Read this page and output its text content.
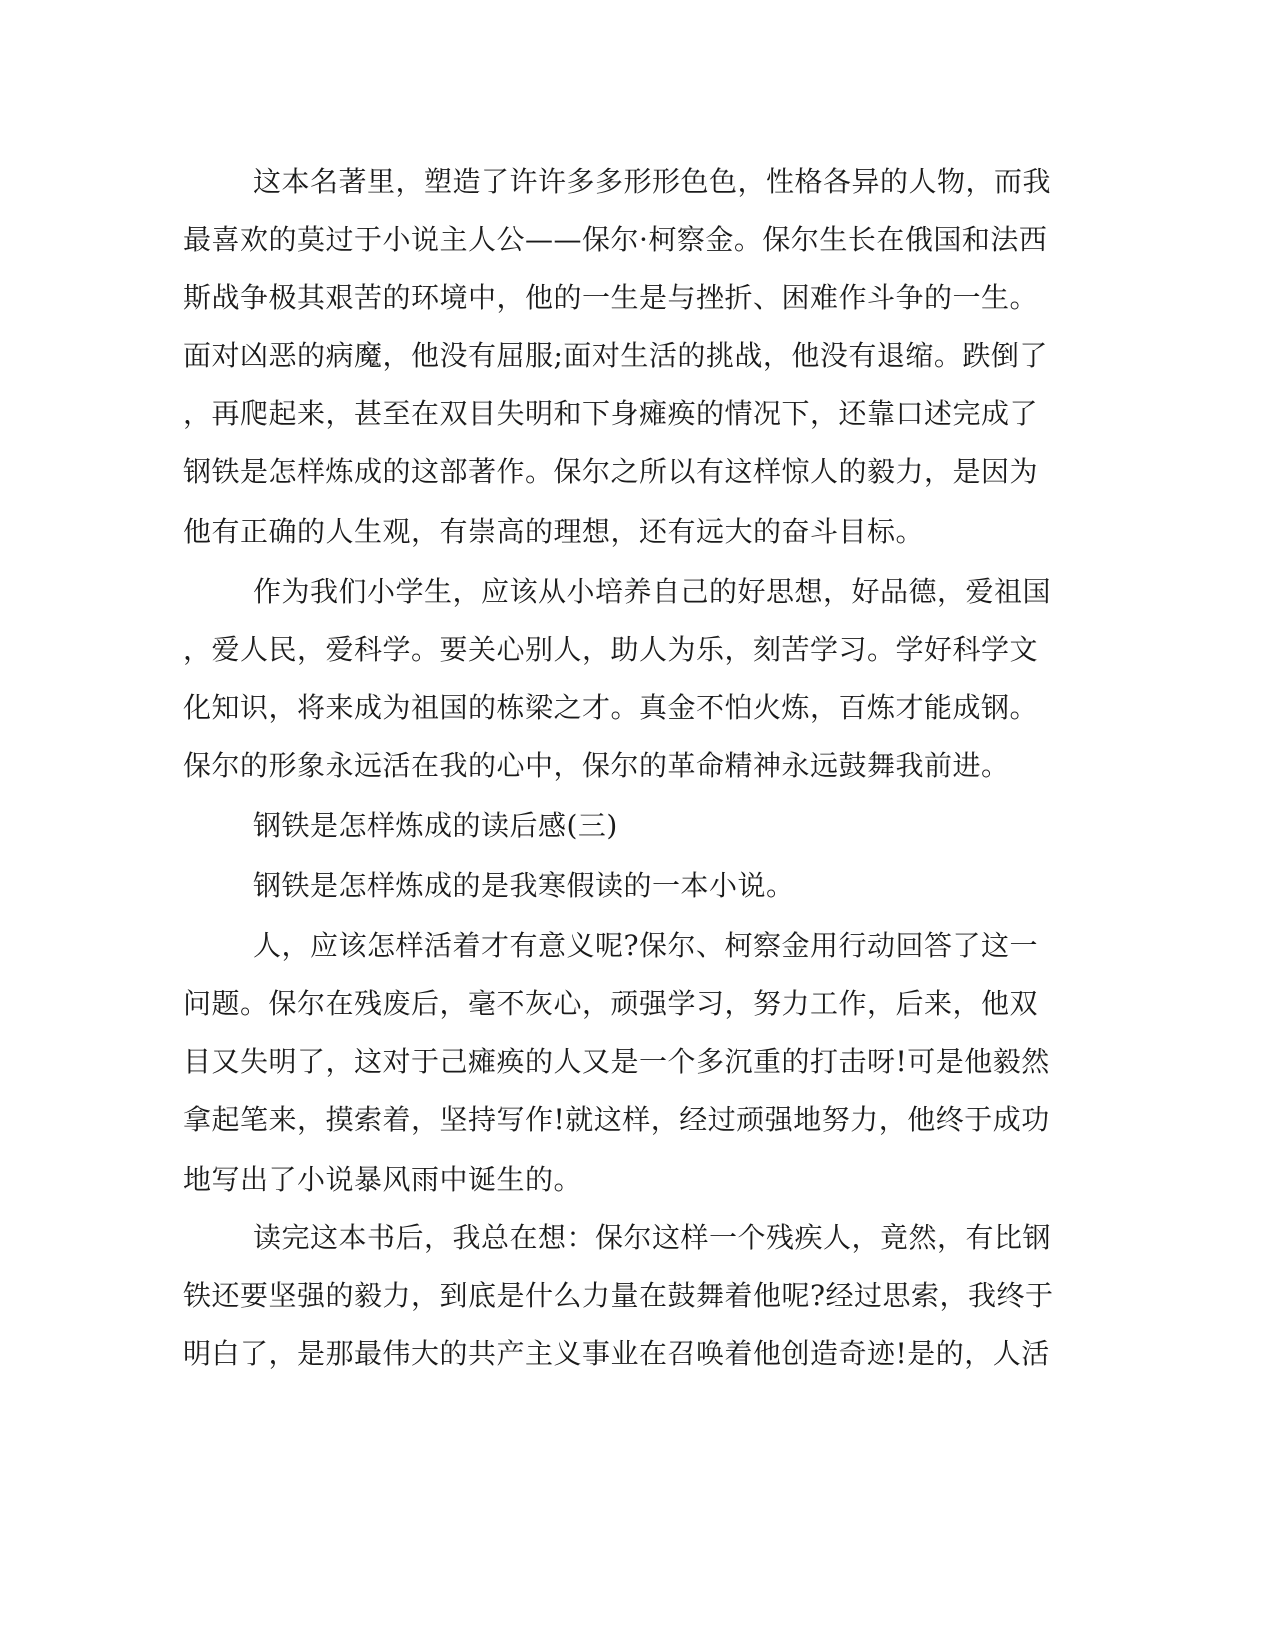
这本名著里，塑造了许许多多形形色色，性格各异的人物，而我
最喜欢的莫过于小说主人公——保尔·柯察金。保尔生长在俄国和法西
斯战争极其艰苦的环境中，他的一生是与挫折、困难作斗争的一生。
面对凶恶的病魔，他没有屈服;面对生活的挑战，他没有退缩。跌倒了
，再爬起来，甚至在双目失明和下身瘫痪的情况下，还靠口述完成了
钢铁是怎样炼成的这部著作。保尔之所以有这样惊人的毅力，是因为
他有正确的人生观，有崇高的理想，还有远大的奋斗目标。
作为我们小学生，应该从小培养自己的好思想，好品德，爱祖国
，爱人民，爱科学。要关心别人，助人为乐，刻苦学习。学好科学文
化知识，将来成为祖国的栋梁之才。真金不怕火炼，百炼才能成钢。
保尔的形象永远活在我的心中，保尔的革命精神永远鼓舞我前进。
钢铁是怎样炼成的读后感(三)
钢铁是怎样炼成的是我寒假读的一本小说。
人，应该怎样活着才有意义呢?保尔、柯察金用行动回答了这一
问题。保尔在残废后，毫不灰心，顽强学习，努力工作，后来，他双
目又失明了，这对于己瘫痪的人又是一个多沉重的打击呀!可是他毅然
拿起笔来，摸索着，坚持写作!就这样，经过顽强地努力，他终于成功
地写出了小说暴风雨中诞生的。
读完这本书后，我总在想：保尔这样一个残疾人，竟然，有比钢
铁还要坚强的毅力，到底是什么力量在鼓舞着他呢?经过思索，我终于
明白了，是那最伟大的共产主义事业在召唤着他创造奇迹!是的，人活
